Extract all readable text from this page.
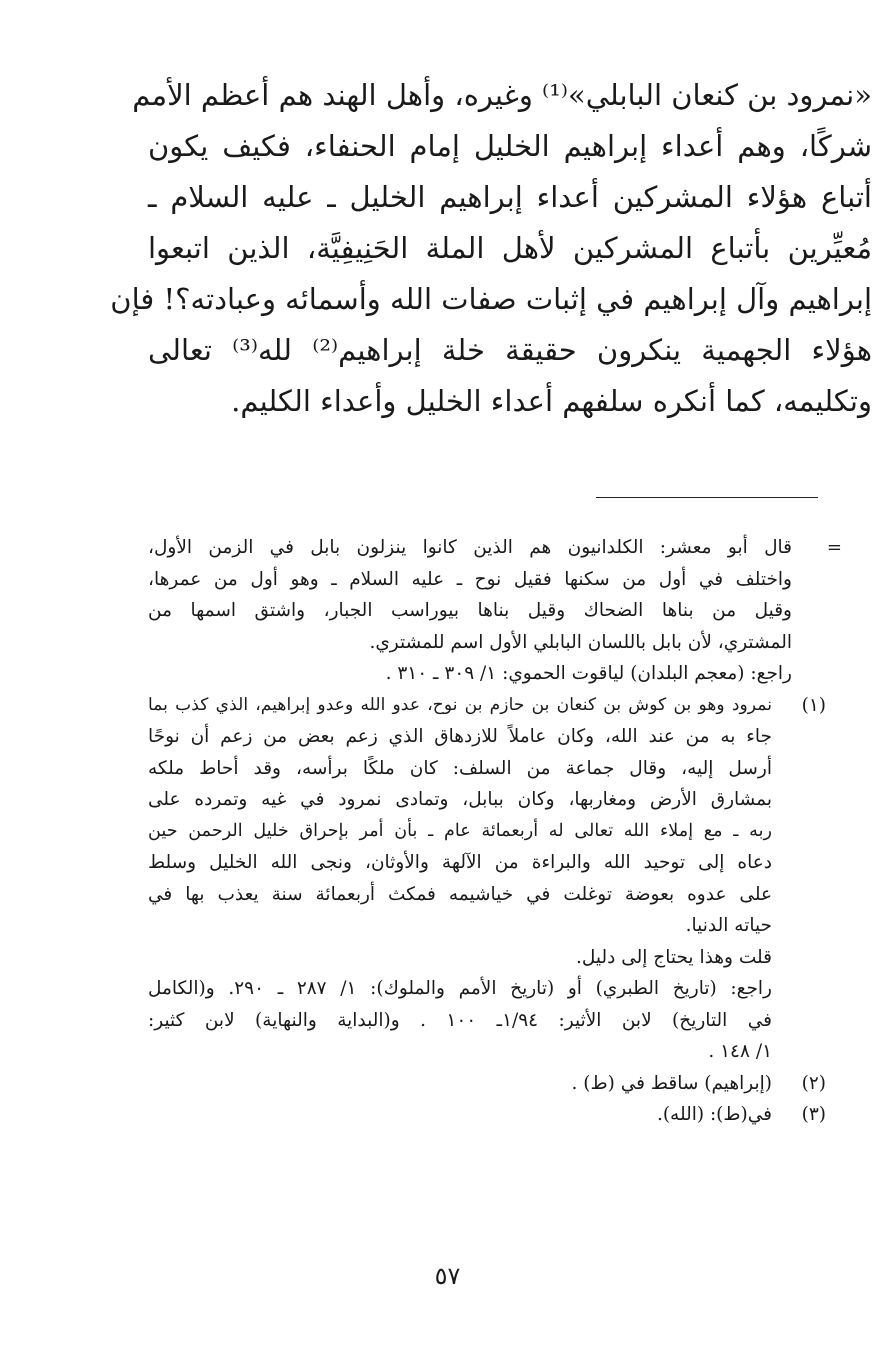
«نمرود بن كنعان البابلي»⁽¹⁾ وغيره، وأهل الهند هم أعظم الأمم
شركًا، وهم أعداء إبراهيم الخليل إمام الحنفاء، فكيف يكون
أتباع هؤلاء المشركين أعداء إبراهيم الخليل ـ عليه السلام ـ
مُعيِّرين بأتباع المشركين لأهل الملة الحَنِيفِيَّة، الذين اتبعوا
إبراهيم وآل إبراهيم في إثبات صفات الله وأسمائه وعبادته؟! فإن
هؤلاء الجهمية ينكرون حقيقة خلة إبراهيم⁽²⁾ لله⁽³⁾ تعالى
وتكليمه، كما أنكره سلفهم أعداء الخليل وأعداء الكليم.
=
قال أبو معشر: الكلدانيون هم الذين كانوا ينزلون بابل في الزمن الأول،
واختلف في أول من سكنها فقيل نوح ـ عليه السلام ـ وهو أول من عمرها،
وقيل من بناها الضحاك وقيل بناها بيوراسب الجبار، واشتق اسمها من
المشتري، لأن بابل باللسان البابلي الأول اسم للمشتري.
راجع: (معجم البلدان) لياقوت الحموي: ١/ ٣٠٩ ـ ٣١٠ .
(١)
نمرود وهو بن كوش بن كنعان بن حازم بن نوح، عدو الله وعدو إبراهيم، الذي كذب بما
جاء به من عند الله، وكان عاملاً للازدهاق الذي زعم بعض من زعم أن نوحًا
أرسل إليه، وقال جماعة من السلف: كان ملكًا برأسه، وقد أحاط ملكه
بمشارق الأرض ومغاربها، وكان ببابل، وتمادى نمرود في غيه وتمرده على
ربه ـ مع إملاء الله تعالى له أربعمائة عام ـ بأن أمر بإحراق خليل الرحمن حين
دعاه إلى توحيد الله والبراءة من الآلهة والأوثان، ونجى الله الخليل وسلط
على عدوه بعوضة توغلت في خياشيمه فمكث أربعمائة سنة يعذب بها في
حياته الدنيا.
قلت وهذا يحتاج إلى دليل.
راجع: (تاريخ الطبري) أو (تاريخ الأمم والملوك): ١/ ٢٨٧ ـ ٢٩٠. و(الكامل
في التاريخ) لابن الأثير: ١/٩٤ـ ١٠٠ . و(البداية والنهاية) لابن كثير:
١/ ١٤٨ .
(٢)
(إبراهيم) ساقط في (ط) .
(٣)
في(ط): (الله).
٥٧
